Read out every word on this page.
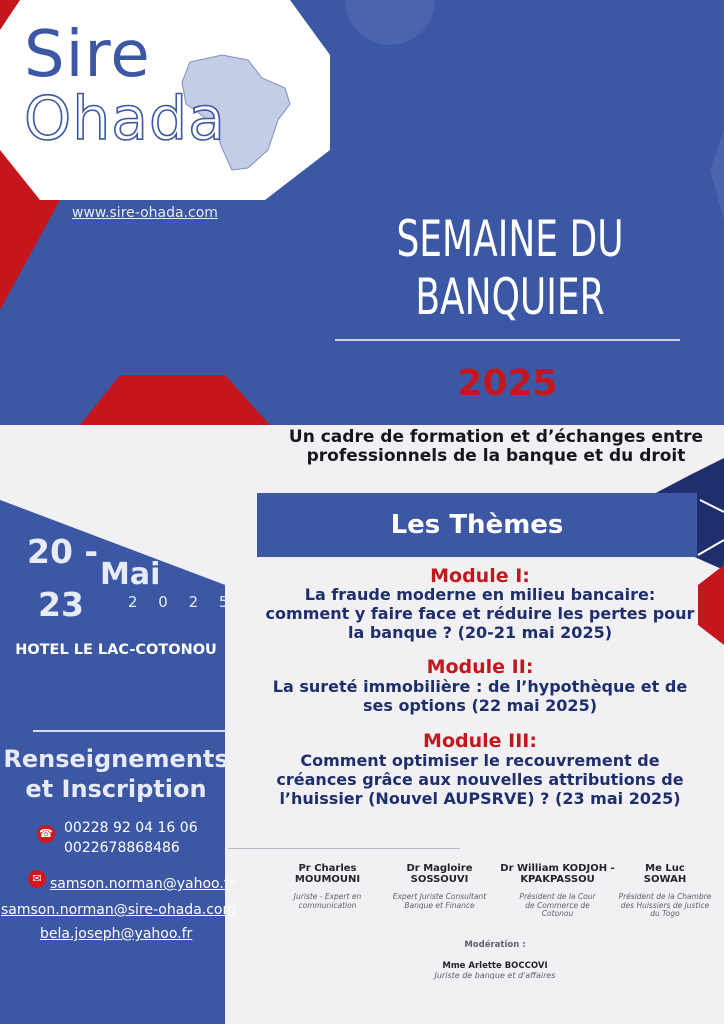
Sire
Ohada
www.sire-ohada.com	SEMAINE DU
BANQUIER
2025
Un cadre de formation et d’échanges entre professionnels de la banque et du droit
Les Thèmes
Module I:
La fraude moderne en milieu bancaire: comment y faire face et réduire les pertes pour la banque ? (20-21 mai 2025)
Module II:
La sureté immobilière : de l’hypothèque et de ses options (22 mai 2025)
Module III:
Comment optimiser le recouvrement de créances grâce aux nouvelles attributions de l’huissier (Nouvel AUPSRVE) ? (23 mai 2025)
20 -
23
Mai
2 0 2 5
HOTEL LE LAC-COTONOU
Renseignements
et Inscription
☎ 00228 92 04 16 06
0022678868486
✉ samson.norman@yahoo.fr
samson.norman@sire-ohada.com
bela.joseph@yahoo.fr
Pr Charles MOUMOUNI
Juriste - Expert en communication
Dr Magloire SOSSOUVI
Expert Juriste Consultant Banque et Finance
Dr William KODJOH - KPAKPASSOU
Président de la Cour de Commerce de Cotonou
Me Luc SOWAH
Président de la Chambre des Huissiers de Justice du Togo
Modération :
Mme Arlette BOCCOVI
Juriste de banque et d'affaires
